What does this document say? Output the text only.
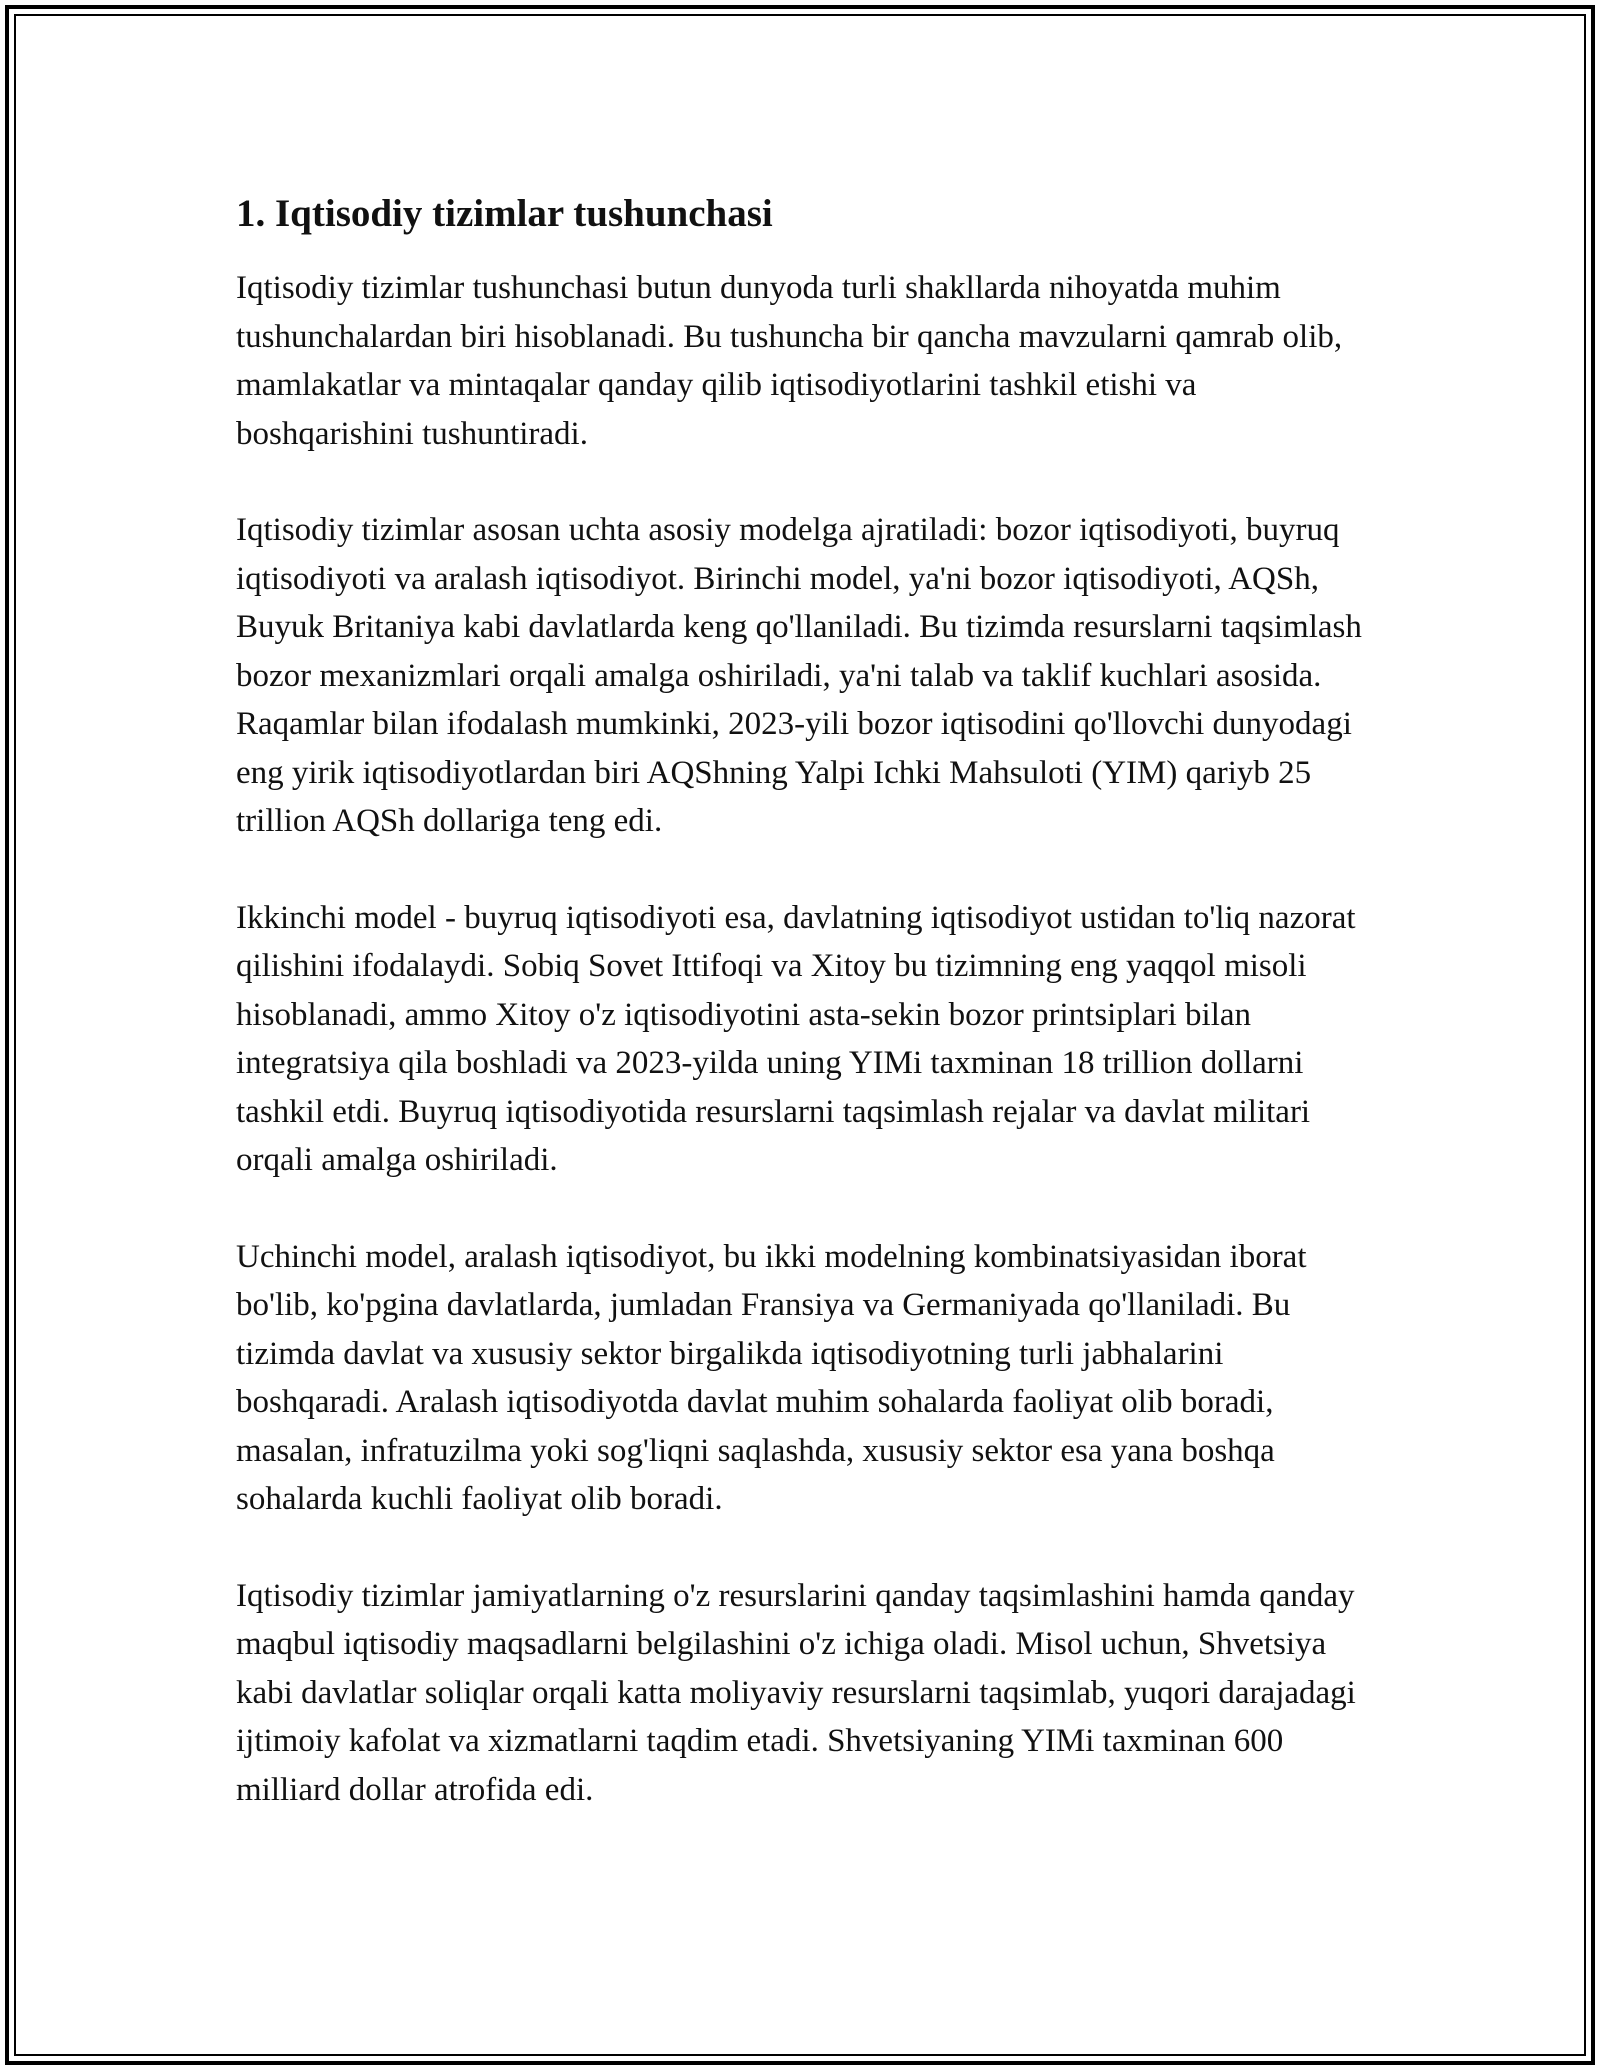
1. Iqtisodiy tizimlar tushunchasi

Iqtisodiy tizimlar tushunchasi butun dunyoda turli shakllarda nihoyatda muhim tushunchalardan biri hisoblanadi. Bu tushuncha bir qancha mavzularni qamrab olib, mamlakatlar va mintaqalar qanday qilib iqtisodiyotlarini tashkil etishi va boshqarishini tushuntiradi.

Iqtisodiy tizimlar asosan uchta asosiy modelga ajratiladi: bozor iqtisodiyoti, buyruq iqtisodiyoti va aralash iqtisodiyot. Birinchi model, ya'ni bozor iqtisodiyoti, AQSh, Buyuk Britaniya kabi davlatlarda keng qo'llaniladi. Bu tizimda resurslarni taqsimlash bozor mexanizmlari orqali amalga oshiriladi, ya'ni talab va taklif kuchlari asosida. Raqamlar bilan ifodalash mumkinki, 2023-yili bozor iqtisodini qo'llovchi dunyodagi eng yirik iqtisodiyotlardan biri AQShning Yalpi Ichki Mahsuloti (YIM) qariyb 25 trillion AQSh dollariga teng edi.

Ikkinchi model - buyruq iqtisodiyoti esa, davlatning iqtisodiyot ustidan to'liq nazorat qilishini ifodalaydi. Sobiq Sovet Ittifoqi va Xitoy bu tizimning eng yaqqol misoli hisoblanadi, ammo Xitoy o'z iqtisodiyotini asta-sekin bozor printsiplari bilan integratsiya qila boshladi va 2023-yilda uning YIMi taxminan 18 trillion dollarni tashkil etdi. Buyruq iqtisodiyotida resurslarni taqsimlash rejalar va davlat militari orqali amalga oshiriladi.

Uchinchi model, aralash iqtisodiyot, bu ikki modelning kombinatsiyasidan iborat bo'lib, ko'pgina davlatlarda, jumladan Fransiya va Germaniyada qo'llaniladi. Bu tizimda davlat va xususiy sektor birgalikda iqtisodiyotning turli jabhalarini boshqaradi. Aralash iqtisodiyotda davlat muhim sohalarda faoliyat olib boradi, masalan, infratuzilma yoki sog'liqni saqlashda, xususiy sektor esa yana boshqa sohalarda kuchli faoliyat olib boradi.

Iqtisodiy tizimlar jamiyatlarning o'z resurslarini qanday taqsimlashini hamda qanday maqbul iqtisodiy maqsadlarni belgilashini o'z ichiga oladi. Misol uchun, Shvetsiya kabi davlatlar soliqlar orqali katta moliyaviy resurslarni taqsimlab, yuqori darajadagi ijtimoiy kafolat va xizmatlarni taqdim etadi. Shvetsiyaning YIMi taxminan 600 milliard dollar atrofida edi.
